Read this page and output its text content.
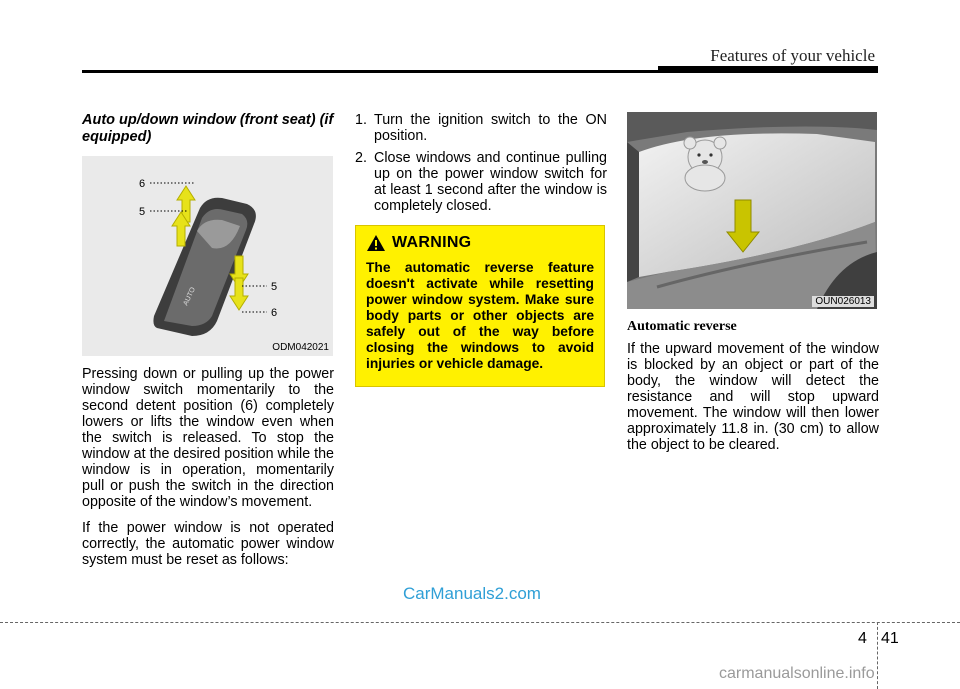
Features of your vehicle
Auto up/down window (front seat) (if equipped)
AUTO
6
5
5
6
ODM042021

Pressing down or pulling up the power window switch momentarily to the second detent position (6) completely lowers or lifts the window even when the switch is released. To stop the window at the desired position while the window is in operation, momentarily pull or push the switch in the direction opposite of the window’s movement.

If the power window is not operated correctly, the automatic power window system must be reset as follows:

1. Turn the ignition switch to the ON position.
2. Close windows and continue pulling up on the power window switch for at least 1 second after the window is completely closed.
WARNING
The automatic reverse feature doesn't activate while resetting power window system. Make sure body parts or other objects are safely out of the way before closing the windows to avoid injuries or vehicle damage.
OUN026013
Automatic reverse

If the upward movement of the window is blocked by an object or part of the body, the window will detect the resistance and will stop upward movement. The window will then lower approximately 11.8 in. (30 cm) to allow the object to be cleared.

CarManuals2.com
4 41
carmanualsonline.info
